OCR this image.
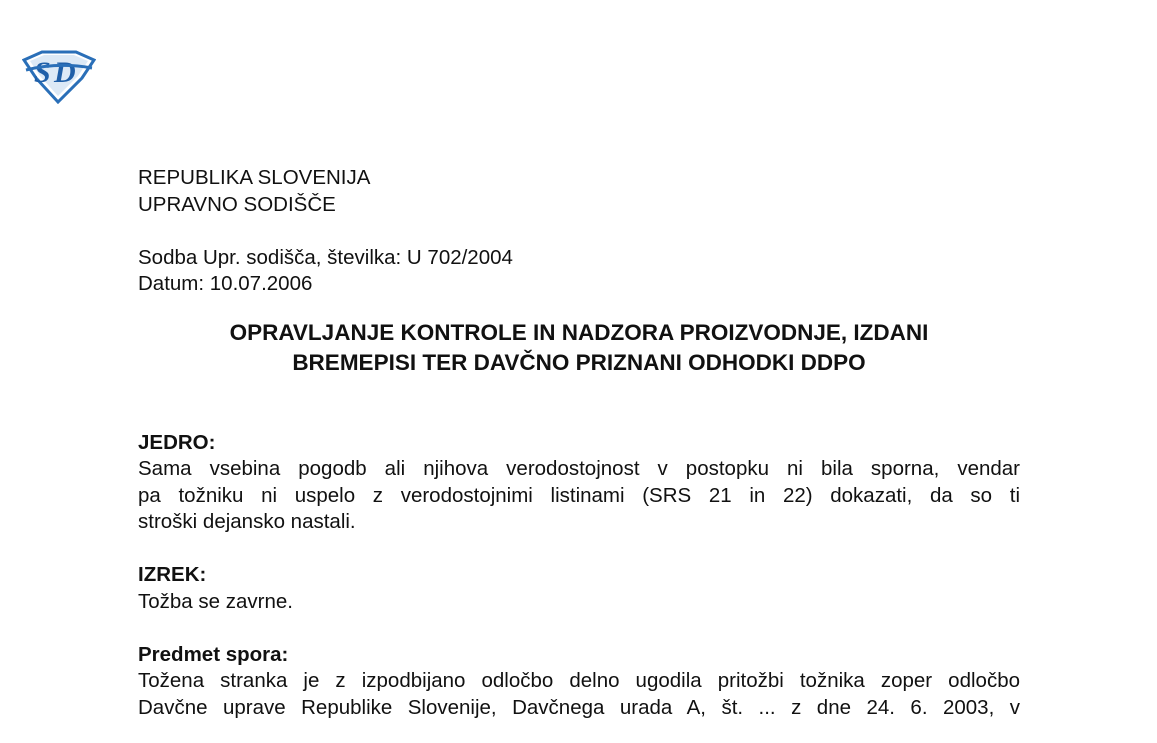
S D
REPUBLIKA SLOVENIJA
UPRAVNO SODIŠČE
Sodba Upr. sodišča, številka: U 702/2004
Datum: 10.07.2006
OPRAVLJANJE KONTROLE IN NADZORA PROIZVODNJE, IZDANI
BREMEPISI TER DAVČNO PRIZNANI ODHODKI DDPO
JEDRO:
Sama vsebina pogodb ali njihova verodostojnost v postopku ni bila sporna, vendar
pa tožniku ni uspelo z verodostojnimi listinami (SRS 21 in 22) dokazati, da so ti
stroški dejansko nastali.
IZREK:
Tožba se zavrne.
Predmet spora:
Tožena stranka je z izpodbijano odločbo delno ugodila pritožbi tožnika zoper odločbo
Davčne uprave Republike Slovenije, Davčnega urada A, št. ... z dne 24. 6. 2003, v
